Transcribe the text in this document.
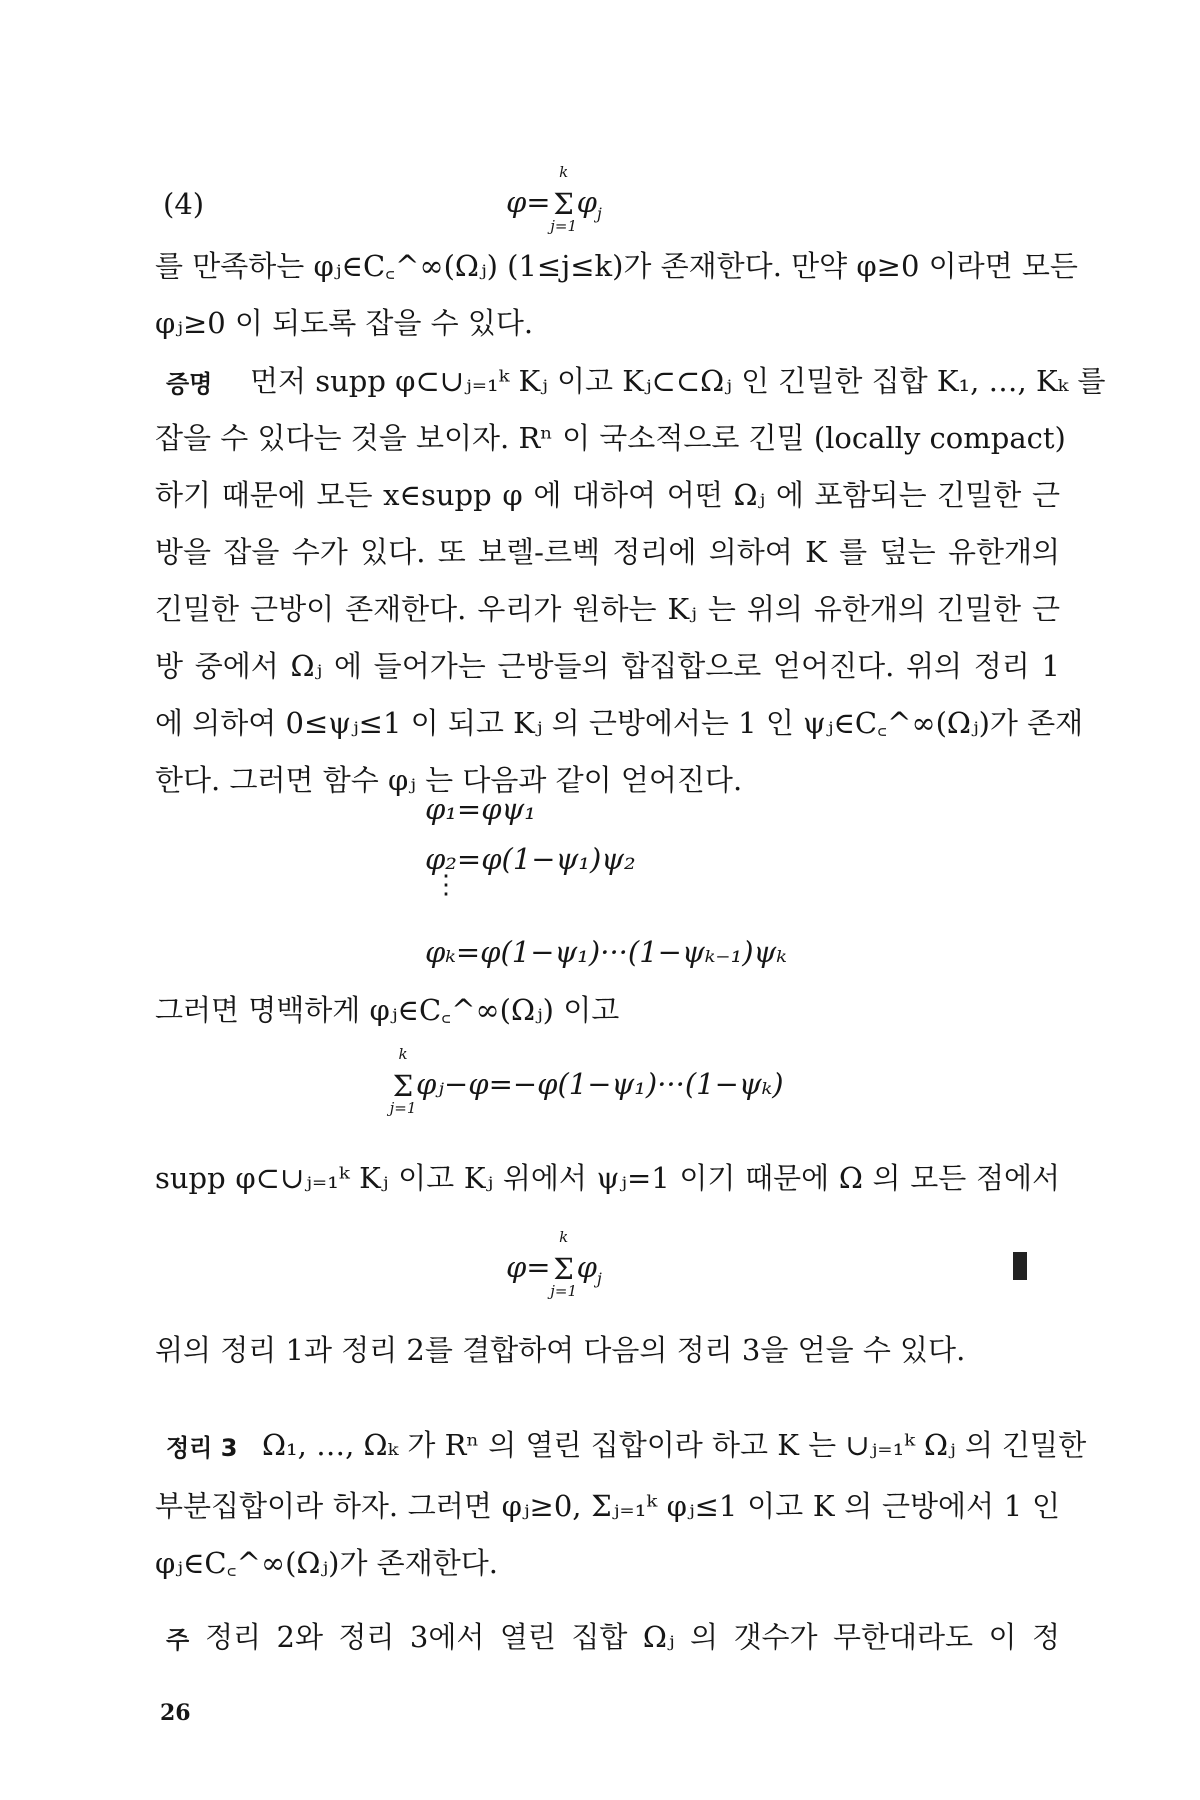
(4)	φ=Σ
k
j=1
$\varphi_j$
를 만족하는 φⱼ∈C꜀^∞(Ωⱼ) (1≤j≤k)가 존재한다. 만약 φ≥0 이라면 모든
φⱼ≥0 이 되도록 잡을 수 있다.
증명 먼저 supp φ⊂∪ⱼ₌₁ᵏ Kⱼ 이고 Kⱼ⊂⊂Ωⱼ 인 긴밀한 집합 K₁, …, Kₖ 를
잡을 수 있다는 것을 보이자. Rⁿ 이 국소적으로 긴밀 (locally compact)
하기 때문에 모든 x∈supp φ 에 대하여 어떤 Ωⱼ 에 포함되는 긴밀한 근
방을 잡을 수가 있다. 또 보렐-르벡 정리에 의하여 K 를 덮는 유한개의
긴밀한 근방이 존재한다. 우리가 원하는 Kⱼ 는 위의 유한개의 긴밀한 근
방 중에서 Ωⱼ 에 들어가는 근방들의 합집합으로 얻어진다. 위의 정리 1
에 의하여 0≤ψⱼ≤1 이 되고 Kⱼ 의 근방에서는 1 인 ψⱼ∈C꜀^∞(Ωⱼ)가 존재
한다. 그러면 함수 φⱼ 는 다음과 같이 얻어진다.
φ₁=φψ₁
φ₂=φ(1−ψ₁)ψ₂
⋮
φₖ=φ(1−ψ₁)···(1−ψₖ₋₁)ψₖ
그러면 명백하게 φⱼ∈C꜀^∞(Ωⱼ) 이고
Σ
k
j=1
φⱼ−φ=−φ(1−ψ₁)···(1−ψₖ)
supp φ⊂∪ⱼ₌₁ᵏ Kⱼ 이고 Kⱼ 위에서 ψⱼ=1 이기 때문에 Ω 의 모든 점에서
φ=Σ
k
j=1
$\varphi_j$
위의 정리 1과 정리 2를 결합하여 다음의 정리 3을 얻을 수 있다.
정리 3 Ω₁, …, Ωₖ 가 Rⁿ 의 열린 집합이라 하고 K 는 ∪ⱼ₌₁ᵏ Ωⱼ 의 긴밀한
부분집합이라 하자. 그러면 φⱼ≥0, Σⱼ₌₁ᵏ φⱼ≤1 이고 K 의 근방에서 1 인
φⱼ∈C꜀^∞(Ωⱼ)가 존재한다.
주 정리 2와 정리 3에서 열린 집합 Ωⱼ 의 갯수가 무한대라도 이 정
26
